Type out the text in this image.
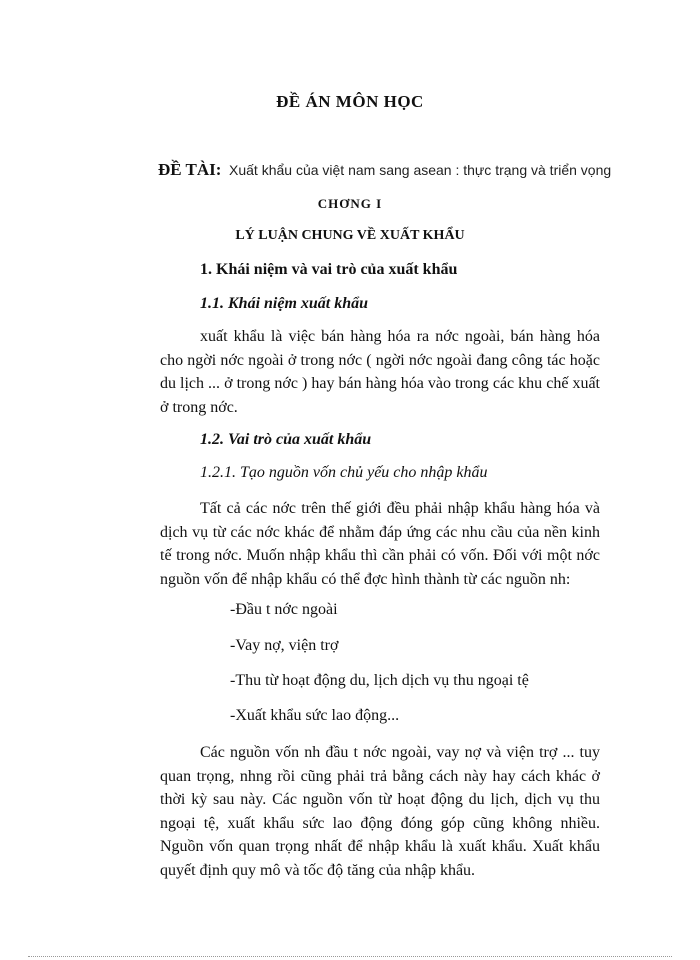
ĐỀ ÁN MÔN HỌC
ĐỀ TÀI: Xuất khẩu của việt nam sang asean : thực trạng và triển vọng
CHƠNG I
LÝ LUẬN CHUNG VỀ XUẤT KHẨU
1. Khái niệm và vai trò của xuất khẩu
1.1. Khái niệm xuất khẩu
xuất khẩu là việc bán hàng hóa ra nớc ngoài, bán hàng hóa cho ngời nớc ngoài ở trong nớc ( ngời nớc ngoài đang công tác hoặc du lịch ... ở trong nớc ) hay bán hàng hóa vào trong các khu chế xuất ở trong nớc.
1.2. Vai trò của xuất khẩu
1.2.1. Tạo nguồn vốn chủ yếu cho nhập khẩu
Tất cả các nớc trên thế giới đều phải nhập khẩu hàng hóa và dịch vụ từ các nớc khác để nhằm đáp ứng các nhu cầu của nền kinh tế trong nớc. Muốn nhập khẩu thì cần phải có vốn. Đối với một nớc nguồn vốn để nhập khẩu có thể đợc hình thành từ các nguồn nh:
-Đầu t nớc ngoài
-Vay nợ, viện trợ
-Thu từ hoạt động du, lịch dịch vụ thu ngoại tệ
-Xuất khẩu sức lao động...
Các nguồn vốn nh đầu t nớc ngoài, vay nợ và viện trợ ... tuy quan trọng, nhng rồi cũng phải trả bằng cách này hay cách khác ở thời kỳ sau này. Các nguồn vốn từ hoạt động du lịch, dịch vụ thu ngoại tệ, xuất khẩu sức lao động đóng góp cũng không nhiều. Nguồn vốn quan trọng nhất để nhập khẩu là xuất khẩu. Xuất khẩu quyết định quy mô và tốc độ tăng của nhập khẩu.
